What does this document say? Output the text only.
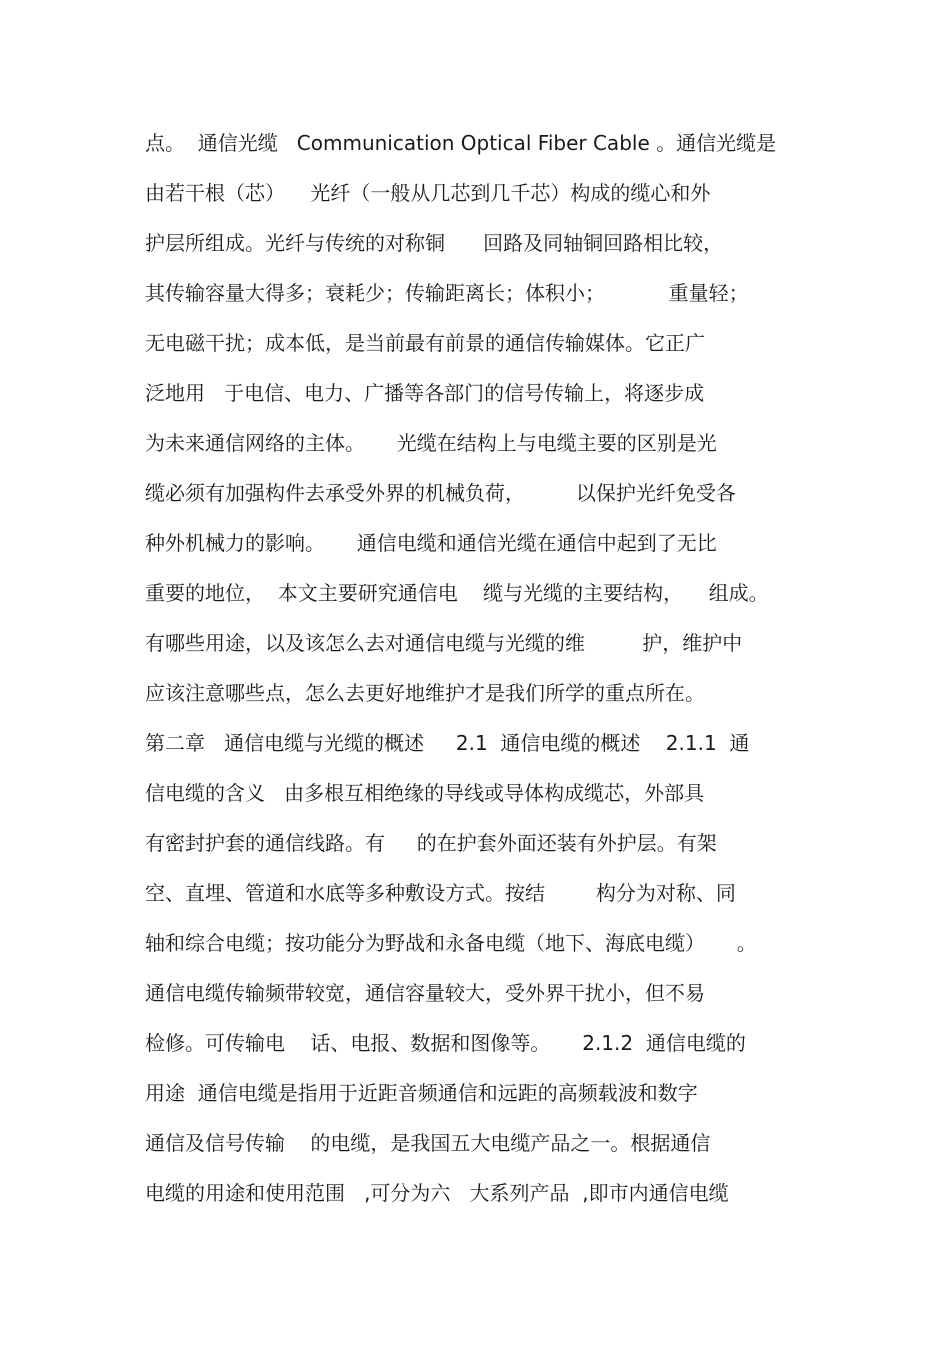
点。  通信光缆   Communication Optical Fiber Cable 。通信光缆是
由若干根（芯）    光纤（一般从几芯到几千芯）构成的缆心和外
护层所组成。光纤与传统的对称铜      回路及同轴铜回路相比较，
其传输容量大得多；衰耗少；传输距离长；体积小；          重量轻；
无电磁干扰；成本低，是当前最有前景的通信传输媒体。它正广
泛地用   于电信、电力、广播等各部门的信号传输上，将逐步成
为未来通信网络的主体。     光缆在结构上与电缆主要的区别是光
缆必须有加强构件去承受外界的机械负荷，        以保护光纤免受各
种外机械力的影响。     通信电缆和通信光缆在通信中起到了无比
重要的地位，  本文主要研究通信电    缆与光缆的主要结构，    组成。
有哪些用途，以及该怎么去对通信电缆与光缆的维         护，维护中
应该注意哪些点，怎么去更好地维护才是我们所学的重点所在。
第二章   通信电缆与光缆的概述     2.1  通信电缆的概述    2.1.1  通
信电缆的含义   由多根互相绝缘的导线或导体构成缆芯，外部具
有密封护套的通信线路。有     的在护套外面还装有外护层。有架
空、直埋、管道和水底等多种敷设方式。按结        构分为对称、同
轴和综合电缆；按功能分为野战和永备电缆（地下、海底电缆）     。
通信电缆传输频带较宽，通信容量较大，受外界干扰小，但不易
检修。可传输电    话、电报、数据和图像等。     2.1.2  通信电缆的
用途  通信电缆是指用于近距音频通信和远距的高频载波和数字
通信及信号传输    的电缆，是我国五大电缆产品之一。根据通信
电缆的用途和使用范围   ,可分为六   大系列产品  ,即市内通信电缆
